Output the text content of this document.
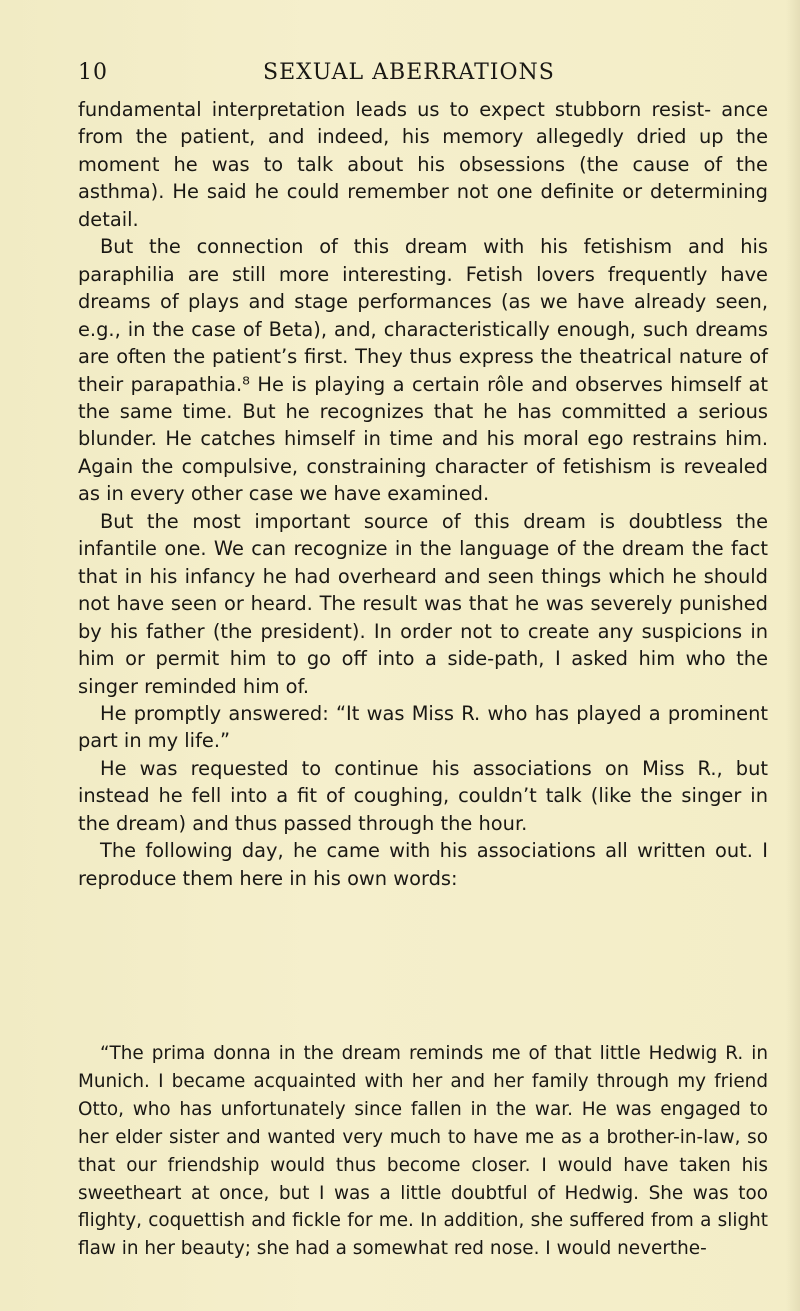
10	SEXUAL ABERRATIONS

fundamental interpretation leads us to expect stubborn resist- ance from the patient, and indeed, his memory allegedly dried up the moment he was to talk about his obsessions (the cause of the asthma). He said he could remember not one definite or determining detail.

But the connection of this dream with his fetishism and his paraphilia are still more interesting. Fetish lovers frequently have dreams of plays and stage performances (as we have already seen, e.g., in the case of Beta), and, characteristically enough, such dreams are often the patient’s first. They thus express the theatrical nature of their parapathia.⁸ He is playing a certain rôle and observes himself at the same time. But he recognizes that he has committed a serious blunder. He catches himself in time and his moral ego restrains him. Again the compulsive, constraining character of fetishism is revealed as in every other case we have examined.

But the most important source of this dream is doubtless the infantile one. We can recognize in the language of the dream the fact that in his infancy he had overheard and seen things which he should not have seen or heard. The result was that he was severely punished by his father (the president). In order not to create any suspicions in him or permit him to go off into a side-path, I asked him who the singer reminded him of.

He promptly answered: “It was Miss R. who has played a prominent part in my life.”

He was requested to continue his associations on Miss R., but instead he fell into a fit of coughing, couldn’t talk (like the singer in the dream) and thus passed through the hour.

The following day, he came with his associations all written out. I reproduce them here in his own words:

“The prima donna in the dream reminds me of that little Hedwig R. in Munich. I became acquainted with her and her family through my friend Otto, who has unfortunately since fallen in the war. He was engaged to her elder sister and wanted very much to have me as a brother-in-law, so that our friendship would thus become closer. I would have taken his sweetheart at once, but I was a little doubtful of Hedwig. She was too flighty, coquettish and fickle for me. In addition, she suffered from a slight flaw in her beauty; she had a somewhat red nose. I would neverthe-
